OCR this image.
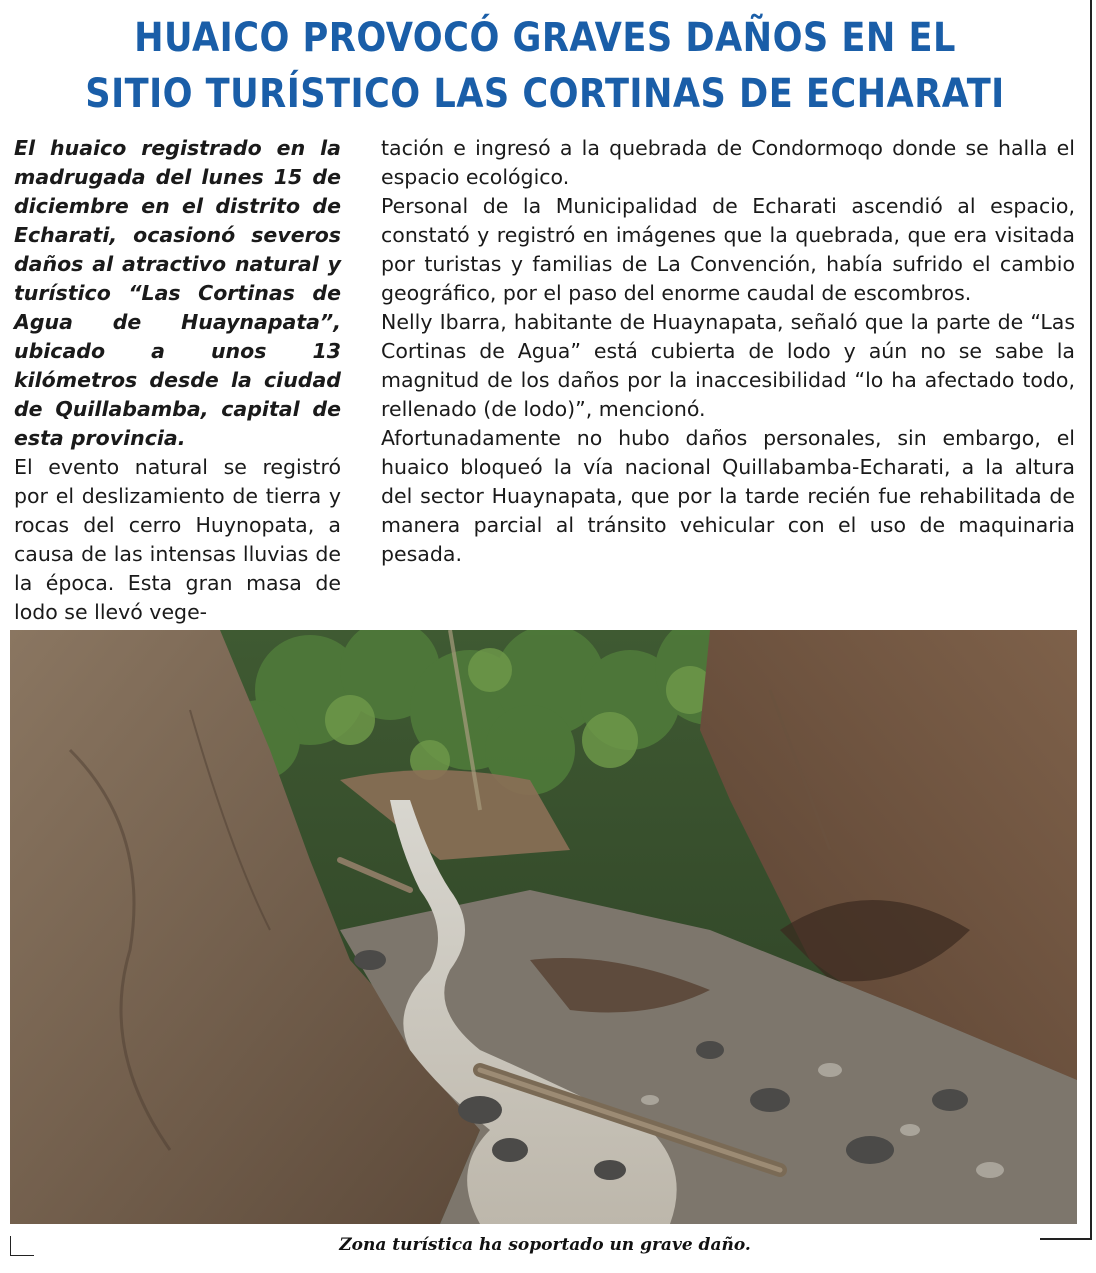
HUAICO PROVOCÓ GRAVES DAÑOS EN EL
SITIO TURÍSTICO LAS CORTINAS DE ECHARATI

El huaico registrado en la madrugada del lunes 15 de diciembre en el distrito de Echarati, ocasionó severos daños al atractivo natural y turístico “Las Cortinas de Agua de Huaynapata”, ubicado a unos 13 kilómetros desde la ciudad de Quillabamba, capital de esta provincia.

El evento natural se registró por el deslizamiento de tierra y rocas del cerro Huynopata, a causa de las intensas lluvias de la época. Esta gran masa de lodo se llevó vege-

tación e ingresó a la quebrada de Condormoqo donde se halla el espacio ecológico.

Personal de la Municipalidad de Echarati ascendió al espacio, constató y registró en imágenes que la quebrada, que era visitada por turistas y familias de La Convención, había sufrido el cambio geográfico, por el paso del enorme caudal de escombros.

Nelly Ibarra, habitante de Huaynapata, señaló que la parte de “Las Cortinas de Agua” está cubierta de lodo y aún no se sabe la magnitud de los daños por la inaccesibilidad “lo ha afectado todo, rellenado (de lodo)”, mencionó.

Afortunadamente no hubo daños personales, sin embargo, el huaico bloqueó la vía nacional Quillabamba-Echarati, a la altura del sector Huaynapata, que por la tarde recién fue rehabilitada de manera parcial al tránsito vehicular con el uso de maquinaria pesada.

Zona turística ha soportado un grave daño.
